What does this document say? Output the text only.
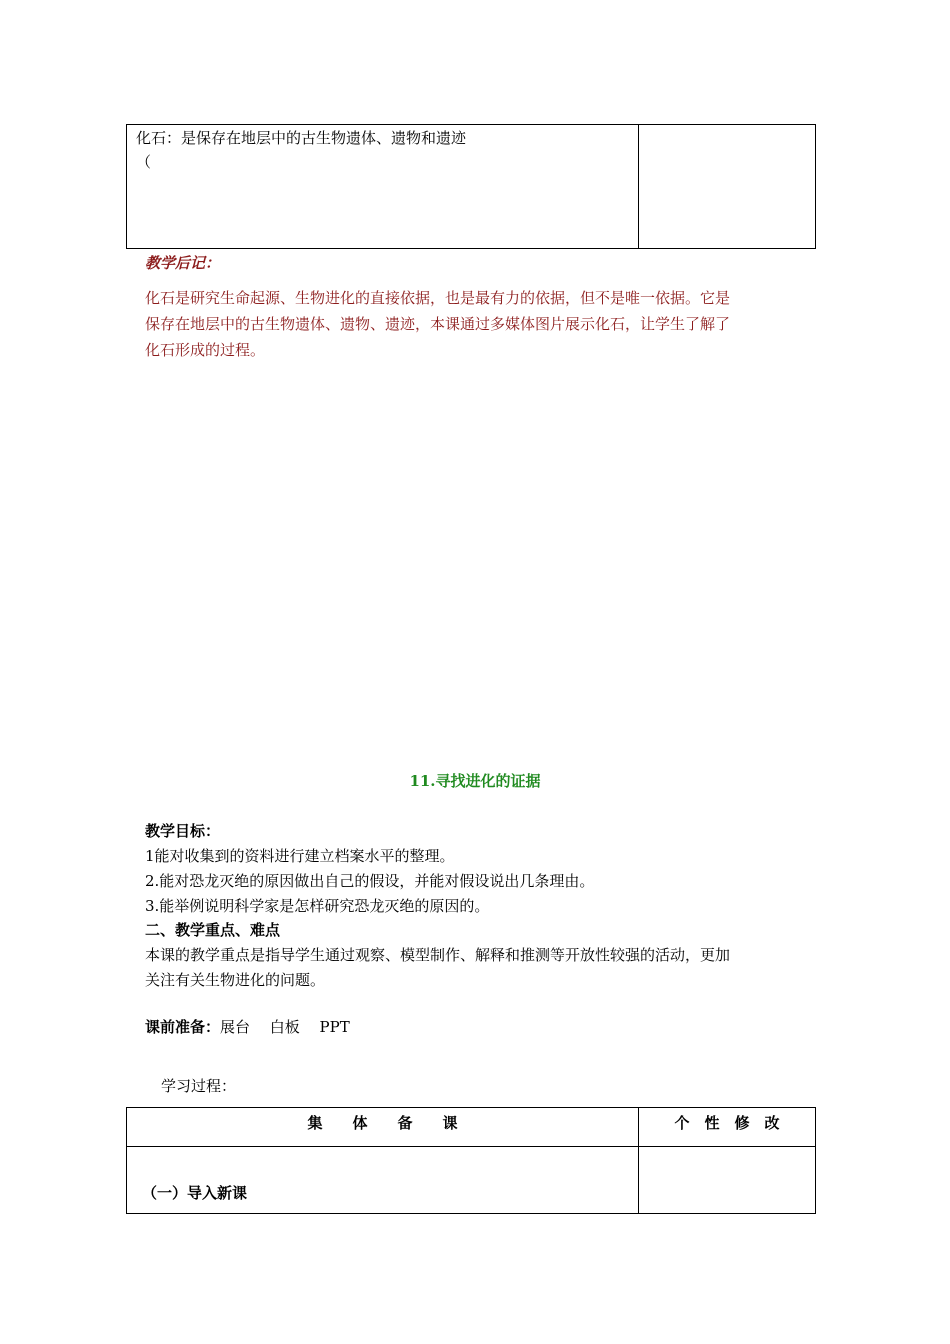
化石：是保存在地层中的古生物遗体、遗物和遗迹
（

教学后记：
化石是研究生命起源、生物进化的直接依据，也是最有力的依据，但不是唯一依据。它是
保存在地层中的古生物遗体、遗物、遗迹，本课通过多媒体图片展示化石，让学生了解了
化石形成的过程。
11.寻找进化的证据
教学目标：
1能对收集到的资料进行建立档案水平的整理。
2.能对恐龙灭绝的原因做出自己的假设，并能对假设说出几条理由。
3.能举例说明科学家是怎样研究恐龙灭绝的原因的。
二、教学重点、难点
本课的教学重点是指导学生通过观察、模型制作、解释和推测等开放性较强的活动，更加
关注有关生物进化的问题。
课前准备：展台　 白板　 PPT
学习过程：
集　　体　　备　　课	个　性　修　改

（一）导入新课	
